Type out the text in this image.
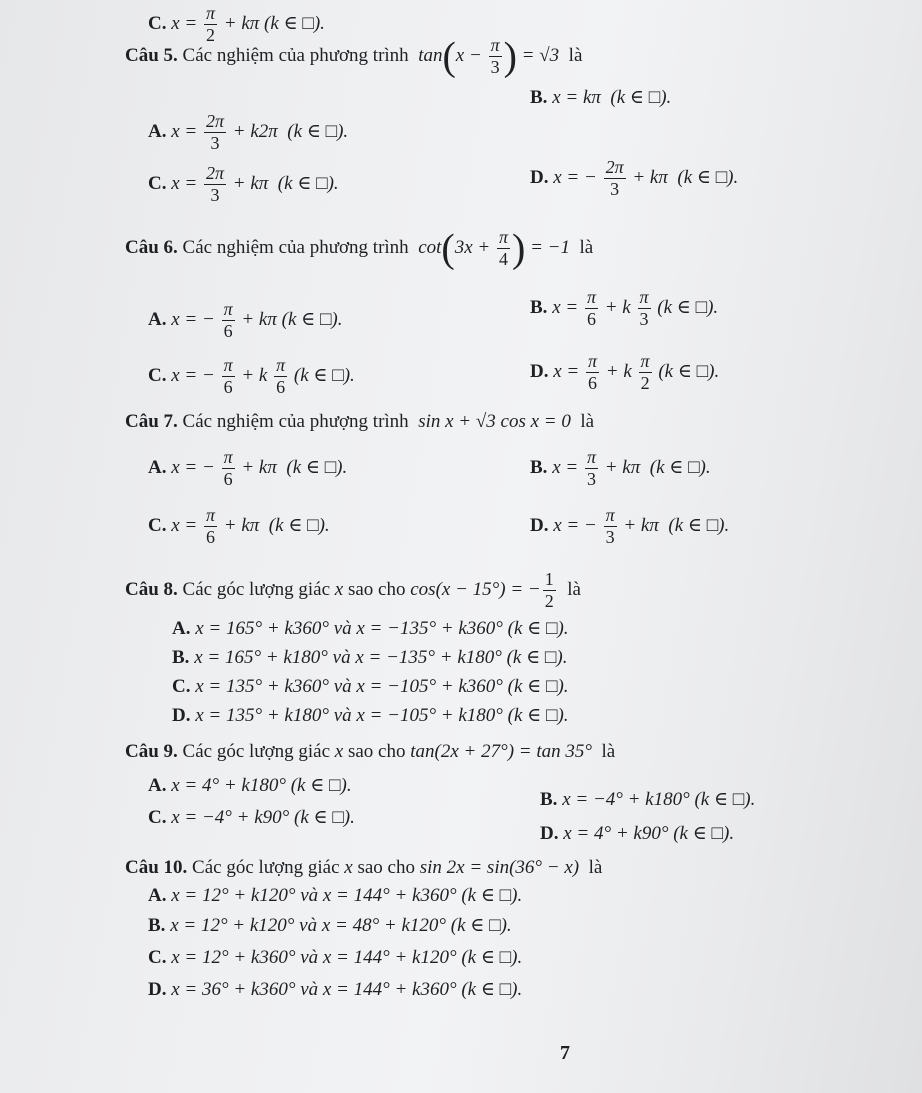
C.
$x = \frac{\pi}{2} + k\pi$ (k ∈ □).
Câu 5.
Các nghiệm của phương trình  $\tan(x - \frac{\pi}{3}$ ) = √3  là
A.
$x = \frac{2\pi}{3} + k2\pi$  (k ∈ □).
B.
x = kπ  (k ∈ □).
C.
$x = \frac{2\pi}{3} + k\pi$  (k ∈ □).	D.
x = − $\frac{2\pi}{3} + k\pi$  (k ∈ □).
Câu 6.
Các nghiệm của phương trình  $\cot(3x + \frac{\pi}{4}$ ) = −1  là
A.
x = − $\frac{\pi}{6} + k\pi$ (k ∈ □).
B.
$x = \frac{\pi}{6} + k \frac{\pi}{3} (k$ ∈ □).
C.
x = − $\frac{\pi}{6} + k \frac{\pi}{6} (k$ ∈ □).	D.
$x = \frac{\pi}{6} + k \frac{\pi}{2} (k$ ∈ □).
Câu 7.
Các nghiệm của phượng trình  sin x + √3 cos x = 0  là
A.
x = − $\frac{\pi}{6} + k\pi$  (k ∈ □).	B.
$x = \frac{\pi}{3} + k\pi$  (k ∈ □).
C.
$x = \frac{\pi}{6} + k\pi$  (k ∈ □).	D.
x = − $\frac{\pi}{3} + k\pi$  (k ∈ □).
Câu 8.
Các góc lượng giác x sao cho cos(x − 15°) = − $\frac{1}{2}$ là
A. x = 165° + k360° và x = −135° + k360° (k ∈ □).
B. x = 165° + k180° và x = −135° + k180° (k ∈ □).
C. x = 135° + k360° và x = −105° + k360° (k ∈ □).
D. x = 135° + k180° và x = −105° + k180° (k ∈ □).
Câu 9.
Các góc lượng giác x sao cho tan(2x + 27°) = tan 35°  là
A. x = 4° + k180° (k ∈ □).
B. x = −4° + k180° (k ∈ □).
C. x = −4° + k90° (k ∈ □).
D. x = 4° + k90° (k ∈ □).
Câu 10.
Các góc lượng giác x sao cho sin 2x = sin(36° − x)  là
A. x = 12° + k120° và x = 144° + k360° (k ∈ □).
B. x = 12° + k120° và x = 48° + k120° (k ∈ □).
C. x = 12° + k360° và x = 144° + k120° (k ∈ □).
D. x = 36° + k360° và x = 144° + k360° (k ∈ □).
7
